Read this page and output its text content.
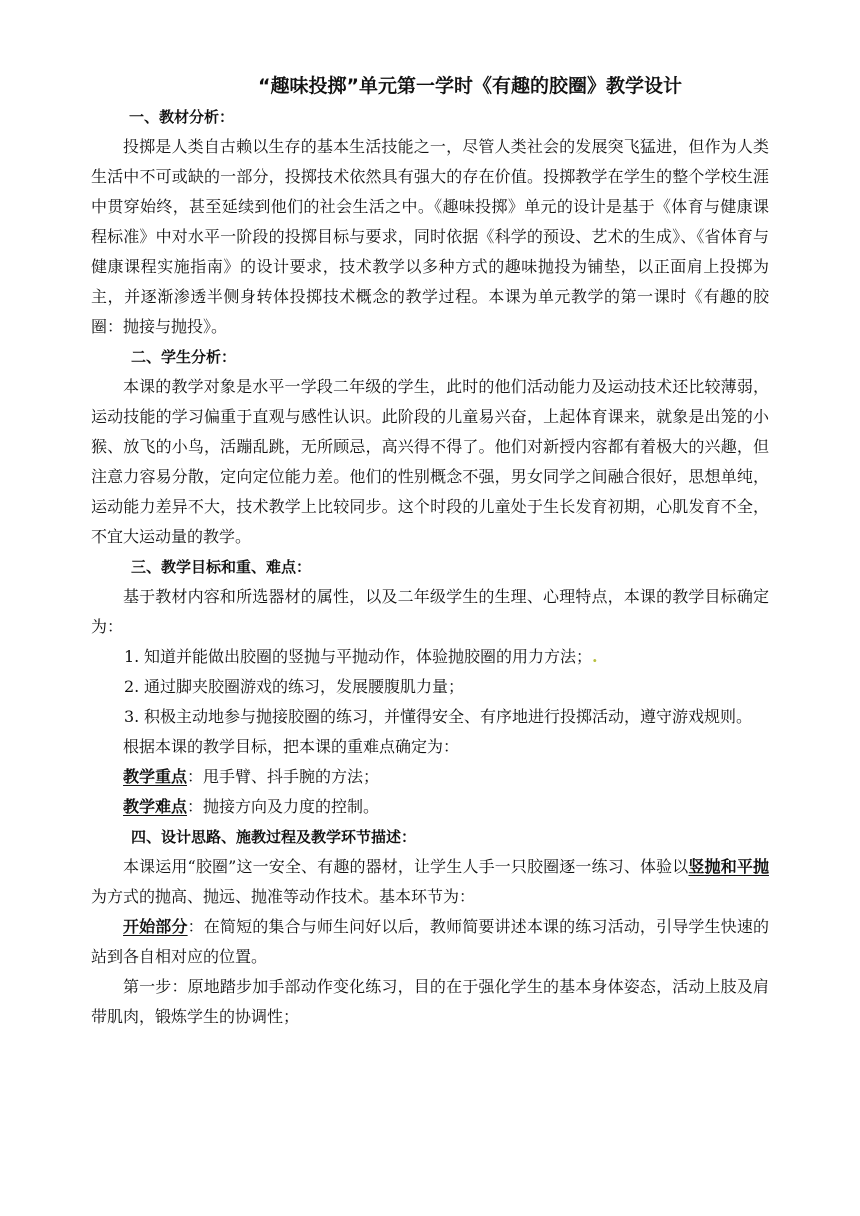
“趣味投掷”单元第一学时《有趣的胶圈》教学设计
一、教材分析：

投掷是人类自古赖以生存的基本生活技能之一，尽管人类社会的发展突飞猛进，但作为人类生活中不可或缺的一部分，投掷技术依然具有强大的存在价值。投掷教学在学生的整个学校生涯中贯穿始终，甚至延续到他们的社会生活之中。《趣味投掷》单元的设计是基于《体育与健康课程标准》中对水平一阶段的投掷目标与要求，同时依据《科学的预设、艺术的生成》、《省体育与健康课程实施指南》的设计要求，技术教学以多种方式的趣味抛投为铺垫，以正面肩上投掷为主，并逐渐渗透半侧身转体投掷技术概念的教学过程。本课为单元教学的第一课时《有趣的胶圈：抛接与抛投》。

二、学生分析：

本课的教学对象是水平一学段二年级的学生，此时的他们活动能力及运动技术还比较薄弱，运动技能的学习偏重于直观与感性认识。此阶段的儿童易兴奋，上起体育课来，就象是出笼的小猴、放飞的小鸟，活蹦乱跳，无所顾忌，高兴得不得了。他们对新授内容都有着极大的兴趣，但注意力容易分散，定向定位能力差。他们的性别概念不强，男女同学之间融合很好，思想单纯，运动能力差异不大，技术教学上比较同步。这个时段的儿童处于生长发育初期，心肌发育不全，不宜大运动量的教学。

三、教学目标和重、难点：

基于教材内容和所选器材的属性，以及二年级学生的生理、心理特点，本课的教学目标确定为：

1. 知道并能做出胶圈的竖抛与平抛动作，体验抛胶圈的用力方法；.
2. 通过脚夹胶圈游戏的练习，发展腰腹肌力量；
3. 积极主动地参与抛接胶圈的练习，并懂得安全、有序地进行投掷活动，遵守游戏规则。

根据本课的教学目标，把本课的重难点确定为：

教学重点：甩手臂、抖手腕的方法；

教学难点：抛接方向及力度的控制。

四、设计思路、施教过程及教学环节描述：

本课运用“胶圈”这一安全、有趣的器材，让学生人手一只胶圈逐一练习、体验以竖抛和平抛为方式的抛高、抛远、抛准等动作技术。基本环节为：

开始部分：在简短的集合与师生问好以后，教师简要讲述本课的练习活动，引导学生快速的站到各自相对应的位置。

第一步：原地踏步加手部动作变化练习，目的在于强化学生的基本身体姿态，活动上肢及肩带肌肉，锻炼学生的协调性；
